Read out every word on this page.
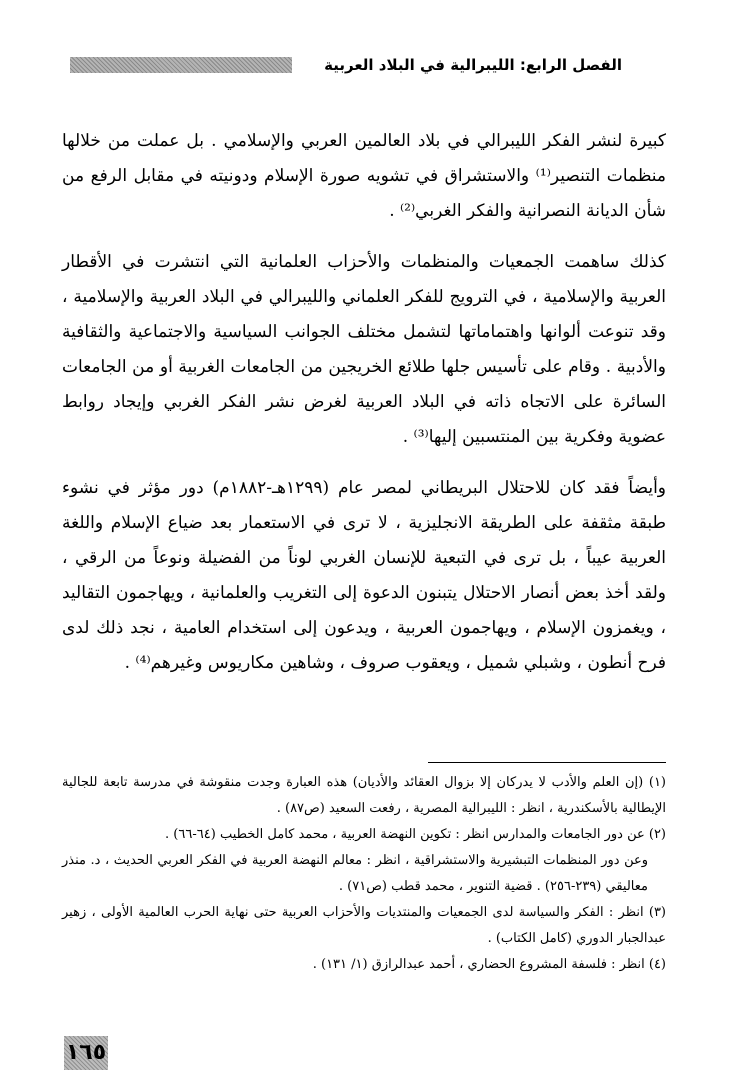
الفصل الرابع: الليبرالية في البلاد العربية

كبيرة لنشر الفكر الليبرالي في بلاد العالمين العربي والإسلامي . بل عملت من خلالها منظمات التنصير⁽¹⁾ والاستشراق في تشويه صورة الإسلام ودونيته في مقابل الرفع من شأن الديانة النصرانية والفكر الغربي⁽²⁾ .

كذلك ساهمت الجمعيات والمنظمات والأحزاب العلمانية التي انتشرت في الأقطار العربية والإسلامية ، في الترويج للفكر العلماني والليبرالي في البلاد العربية والإسلامية ، وقد تنوعت ألوانها واهتماماتها لتشمل مختلف الجوانب السياسية والاجتماعية والثقافية والأدبية . وقام على تأسيس جلها طلائع الخريجين من الجامعات الغربية أو من الجامعات السائرة على الاتجاه ذاته في البلاد العربية لغرض نشر الفكر الغربي وإيجاد روابط عضوية وفكرية بين المنتسبين إليها⁽³⁾ .

وأيضاً فقد كان للاحتلال البريطاني لمصر عام (١٢٩٩هـ-١٨٨٢م) دور مؤثر في نشوء طبقة مثقفة على الطريقة الانجليزية ، لا ترى في الاستعمار بعد ضياع الإسلام واللغة العربية عيباً ، بل ترى في التبعية للإنسان الغربي لوناً من الفضيلة ونوعاً من الرقي ، ولقد أخذ بعض أنصار الاحتلال يتبنون الدعوة إلى التغريب والعلمانية ، ويهاجمون التقاليد ، ويغمزون الإسلام ، ويهاجمون العربية ، ويدعون إلى استخدام العامية ، نجد ذلك لدى فرح أنطون ، وشبلي شميل ، ويعقوب صروف ، وشاهين مكاريوس وغيرهم⁽⁴⁾ .

(١) (إن العلم والأدب لا يدركان إلا بزوال العقائد والأديان) هذه العبارة وجدت منقوشة في مدرسة تابعة للجالية الإيطالية بالأسكندرية ، انظر : الليبرالية المصرية ، رفعت السعيد (ص٨٧) .

(٢) عن دور الجامعات والمدارس انظر : تكوين النهضة العربية ، محمد كامل الخطيب (٦٤-٦٦) .

وعن دور المنظمات التبشيرية والاستشراقية ، انظر : معالم النهضة العربية في الفكر العربي الحديث ، د. منذر معاليقي (٢٣٩-٢٥٦) . قضية التنوير ، محمد قطب (ص٧١) .

(٣) انظر : الفكر والسياسة لدى الجمعيات والمنتديات والأحزاب العربية حتى نهاية الحرب العالمية الأولى ، زهير عبدالجبار الدوري (كامل الكتاب) .

(٤) انظر : فلسفة المشروع الحضاري ، أحمد عبدالرازق (١/ ١٣١) .

١٦٥
